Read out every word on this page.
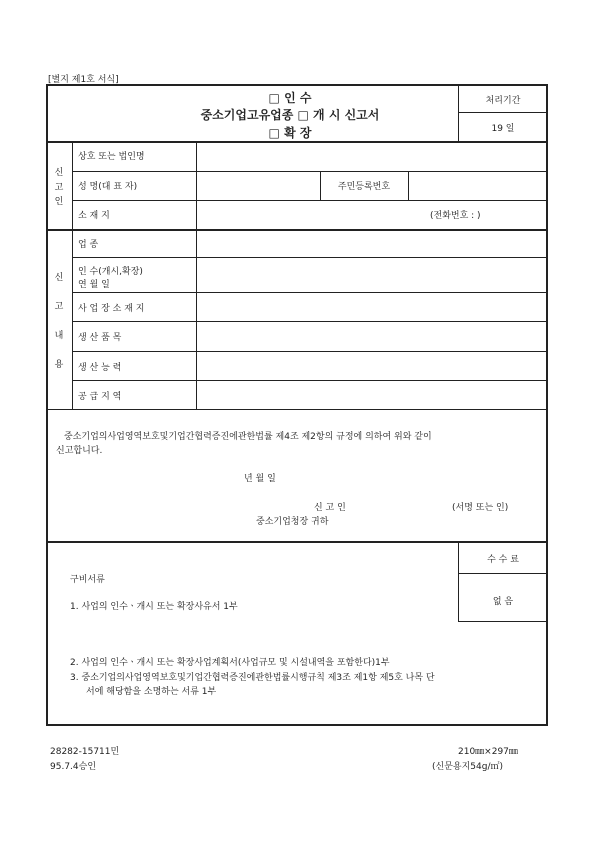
[별지 제1호 서식]
□ 인 수
중소기업고유업종 □ 개 시 신고서
□ 확 장
처리기간
19 일
신
고
인
상호 또는 법인명
성 명(대 표 자)	주민등록번호
소 재 지	(전화번호 : )
신
고
내
용
업 종
인 수(개시,확장)
연 월 일
사 업 장 소 재 지
생 산 품 목
생 산 능 력
공 급 지 역
중소기업의사업영역보호및기업간협력증진에관한법률 제4조 제2항의 규정에 의하여 위와 같이
신고합니다.
년 월 일
신 고 인	(서명 또는 인)
중소기업청장 귀하
수 수 료
없 음
구비서류
1. 사업의 인수ㆍ개시 또는 확장사유서 1부
2. 사업의 인수ㆍ개시 또는 확장사업계획서(사업규모 및 시설내역을 포함한다)1부
3. 중소기업의사업영역보호및기업간협력증진에관한법률시행규칙 제3조 제1항 제5호 나목 단
서에 해당함을 소명하는 서류 1부
28282-15711민
95.7.4승인
210㎜×297㎜
(신문용지54g/㎡)
